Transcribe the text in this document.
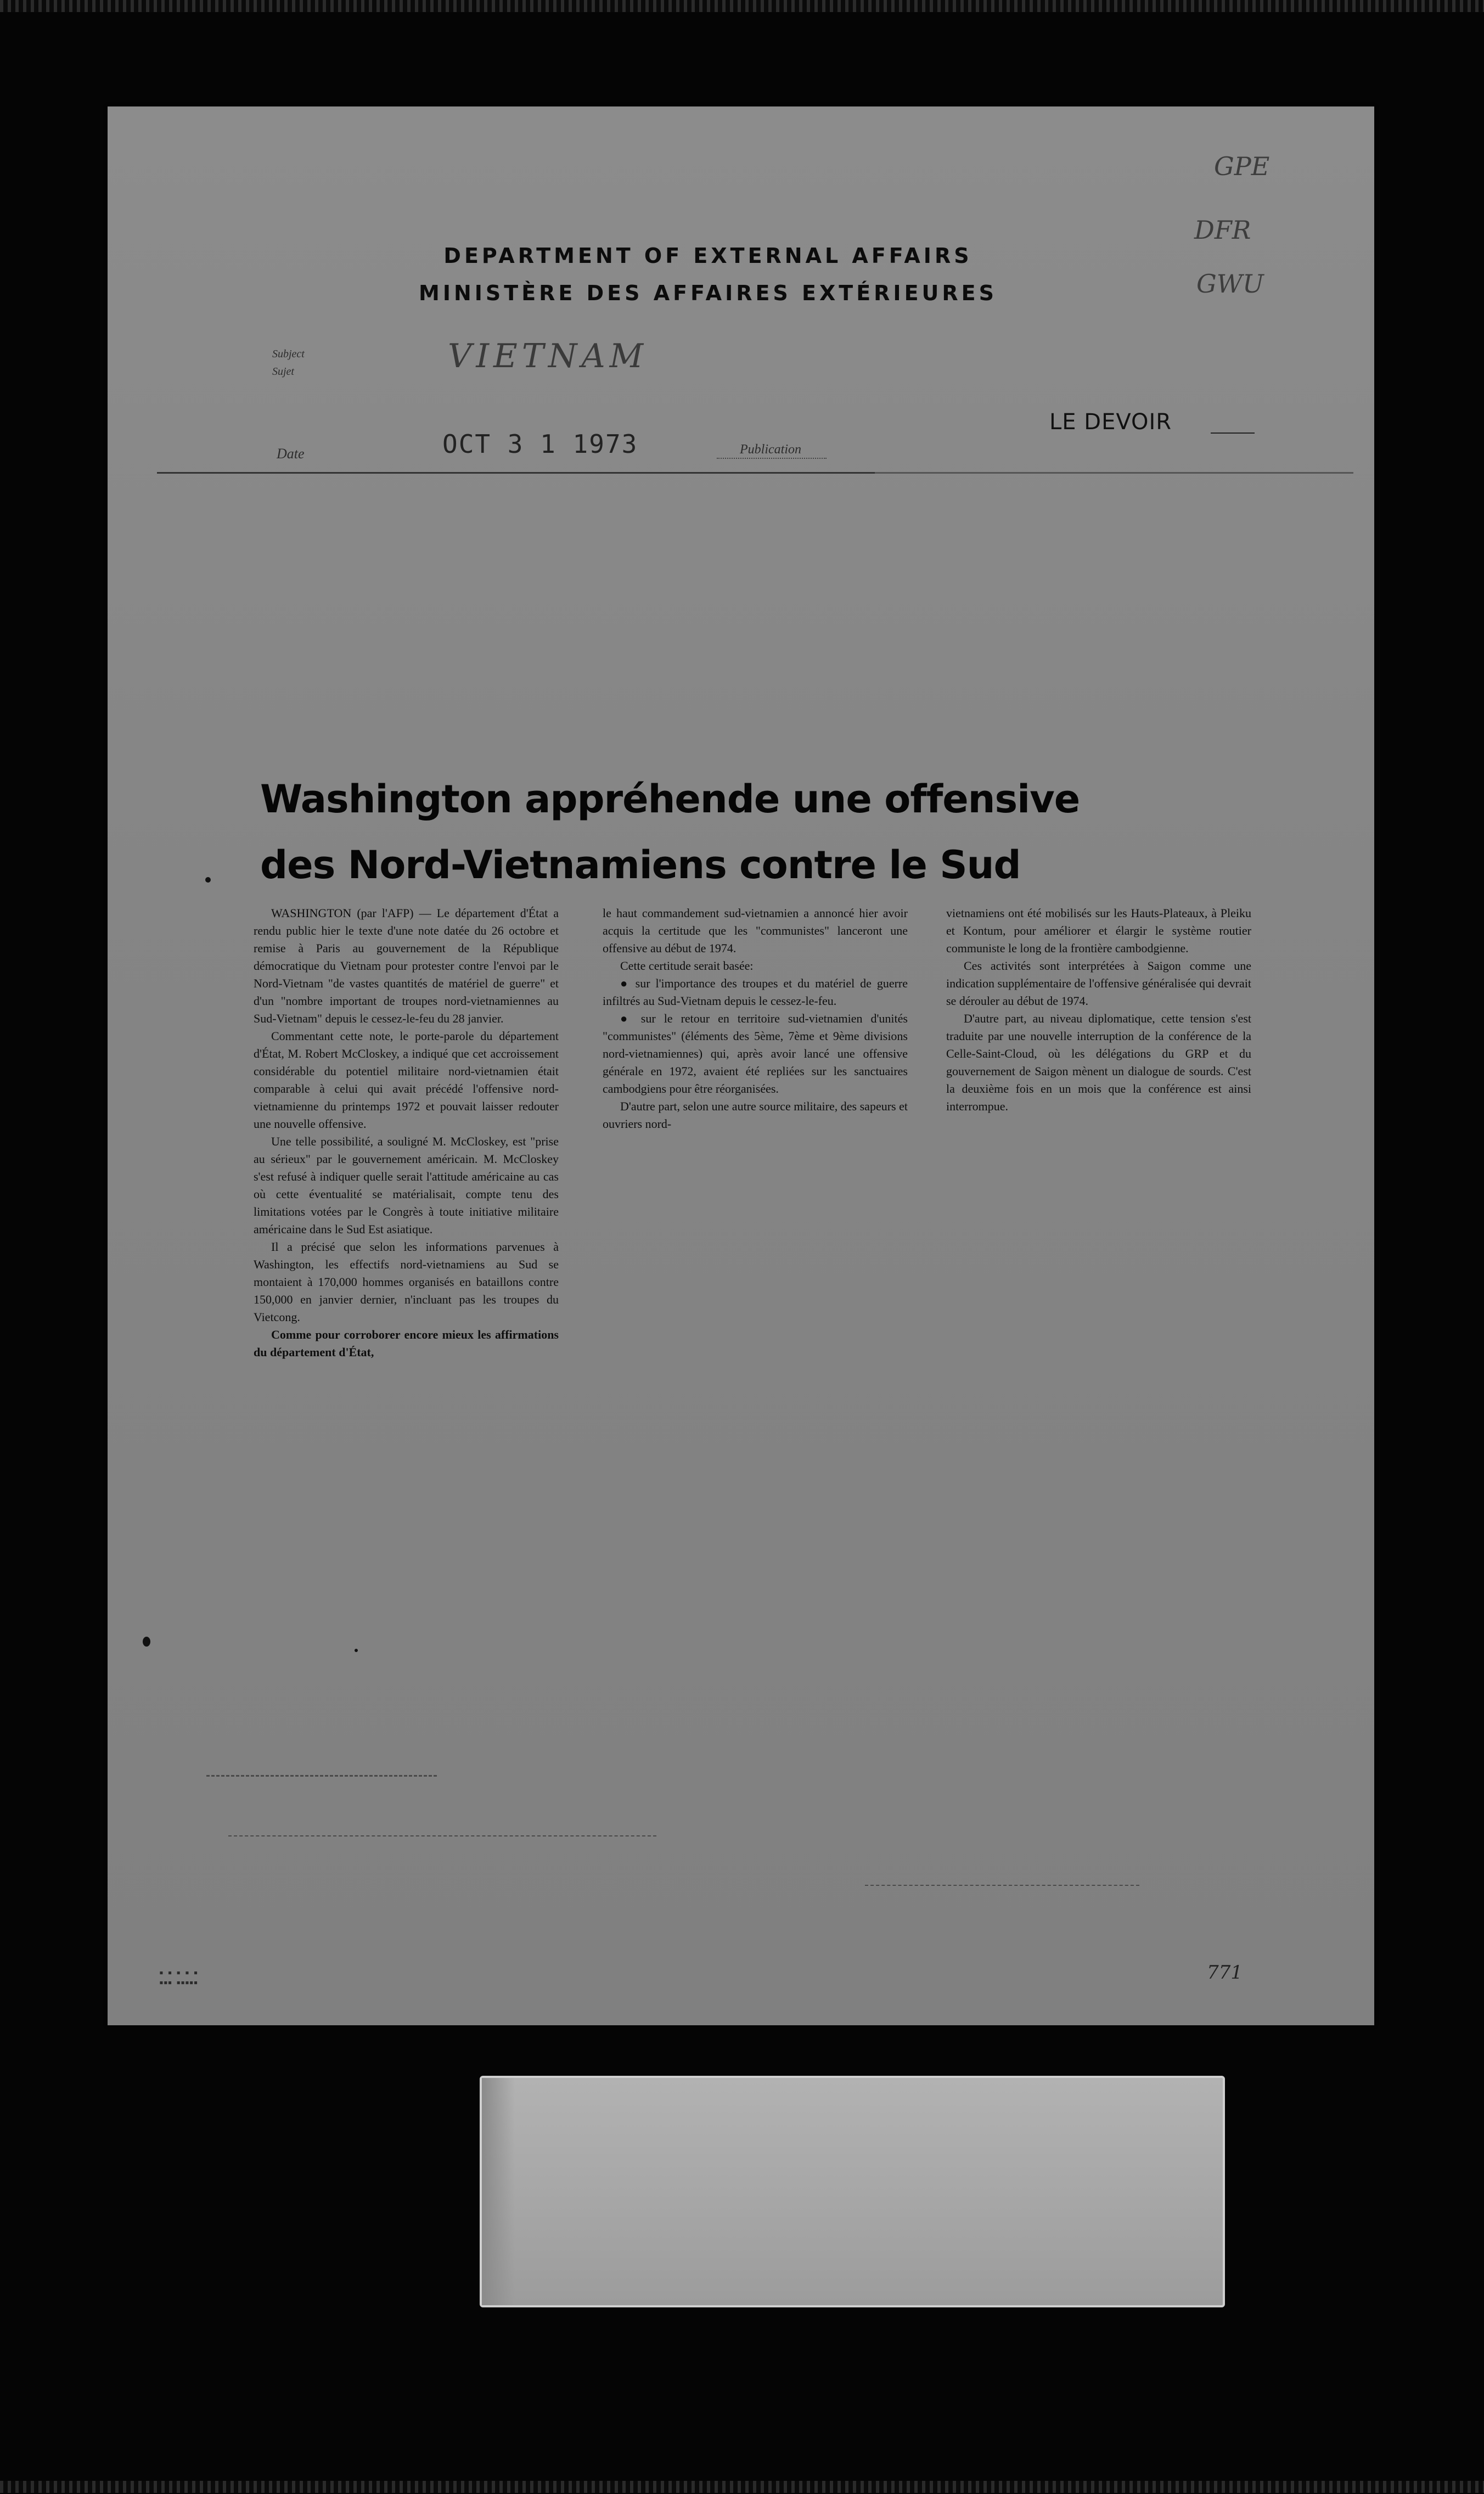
DEPARTMENT OF EXTERNAL AFFAIRS
MINISTÈRE DES AFFAIRES EXTÉRIEURES
GPE
DFR
GWU
Subject
Sujet	VIETNAM
Date	OCT 3 1 1973	Publication
LE DEVOIR
Washington appréhende une offensive
des Nord-Vietnamiens contre le Sud

WASHINGTON (par l'AFP) — Le département d'État a rendu public hier le texte d'une note datée du 26 octobre et remise à Paris au gouvernement de la République démocratique du Vietnam pour protester contre l'envoi par le Nord-Vietnam "de vastes quantités de matériel de guerre" et d'un "nombre important de troupes nord-vietnamiennes au Sud-Vietnam" depuis le cessez-le-feu du 28 janvier.

Commentant cette note, le porte-parole du département d'État, M. Robert McCloskey, a indiqué que cet accroissement considérable du potentiel militaire nord-vietnamien était comparable à celui qui avait précédé l'offensive nord-vietnamienne du printemps 1972 et pouvait laisser redouter une nouvelle offensive.

Une telle possibilité, a souligné M. McCloskey, est "prise au sérieux" par le gouvernement américain. M. McCloskey s'est refusé à indiquer quelle serait l'attitude américaine au cas où cette éventualité se matérialisait, compte tenu des limitations votées par le Congrès à toute initiative militaire américaine dans le Sud Est asiatique.

Il a précisé que selon les informations parvenues à Washington, les effectifs nord-vietnamiens au Sud se montaient à 170,000 hommes organisés en bataillons contre 150,000 en janvier dernier, n'incluant pas les troupes du Vietcong.

Comme pour corroborer encore mieux les affirmations du département d'État,

le haut commandement sud-vietnamien a annoncé hier avoir acquis la certitude que les "communistes" lanceront une offensive au début de 1974.

Cette certitude serait basée:

● sur l'importance des troupes et du matériel de guerre infiltrés au Sud-Vietnam depuis le cessez-le-feu.

● sur le retour en territoire sud-vietnamien d'unités "communistes" (éléments des 5ème, 7ème et 9ème divisions nord-vietnamiennes) qui, après avoir lancé une offensive générale en 1972, avaient été repliées sur les sanctuaires cambodgiens pour être réorganisées.

D'autre part, selon une autre source militaire, des sapeurs et ouvriers nord-

vietnamiens ont été mobilisés sur les Hauts-Plateaux, à Pleiku et Kontum, pour améliorer et élargir le système routier communiste le long de la frontière cambodgienne.

Ces activités sont interprétées à Saigon comme une indication supplémentaire de l'offensive généralisée qui devrait se dérouler au début de 1974.

D'autre part, au niveau diplomatique, cette tension s'est traduite par une nouvelle interruption de la conférence de la Celle-Saint-Cloud, où les délégations du GRP et du gouvernement de Saigon mènent un dialogue de sourds. C'est la deuxième fois en un mois que la conférence est ainsi interrompue.

▪ ▪ ▪ ▪ ▪
▪▪▪ ▪▪▪▪▪	771
